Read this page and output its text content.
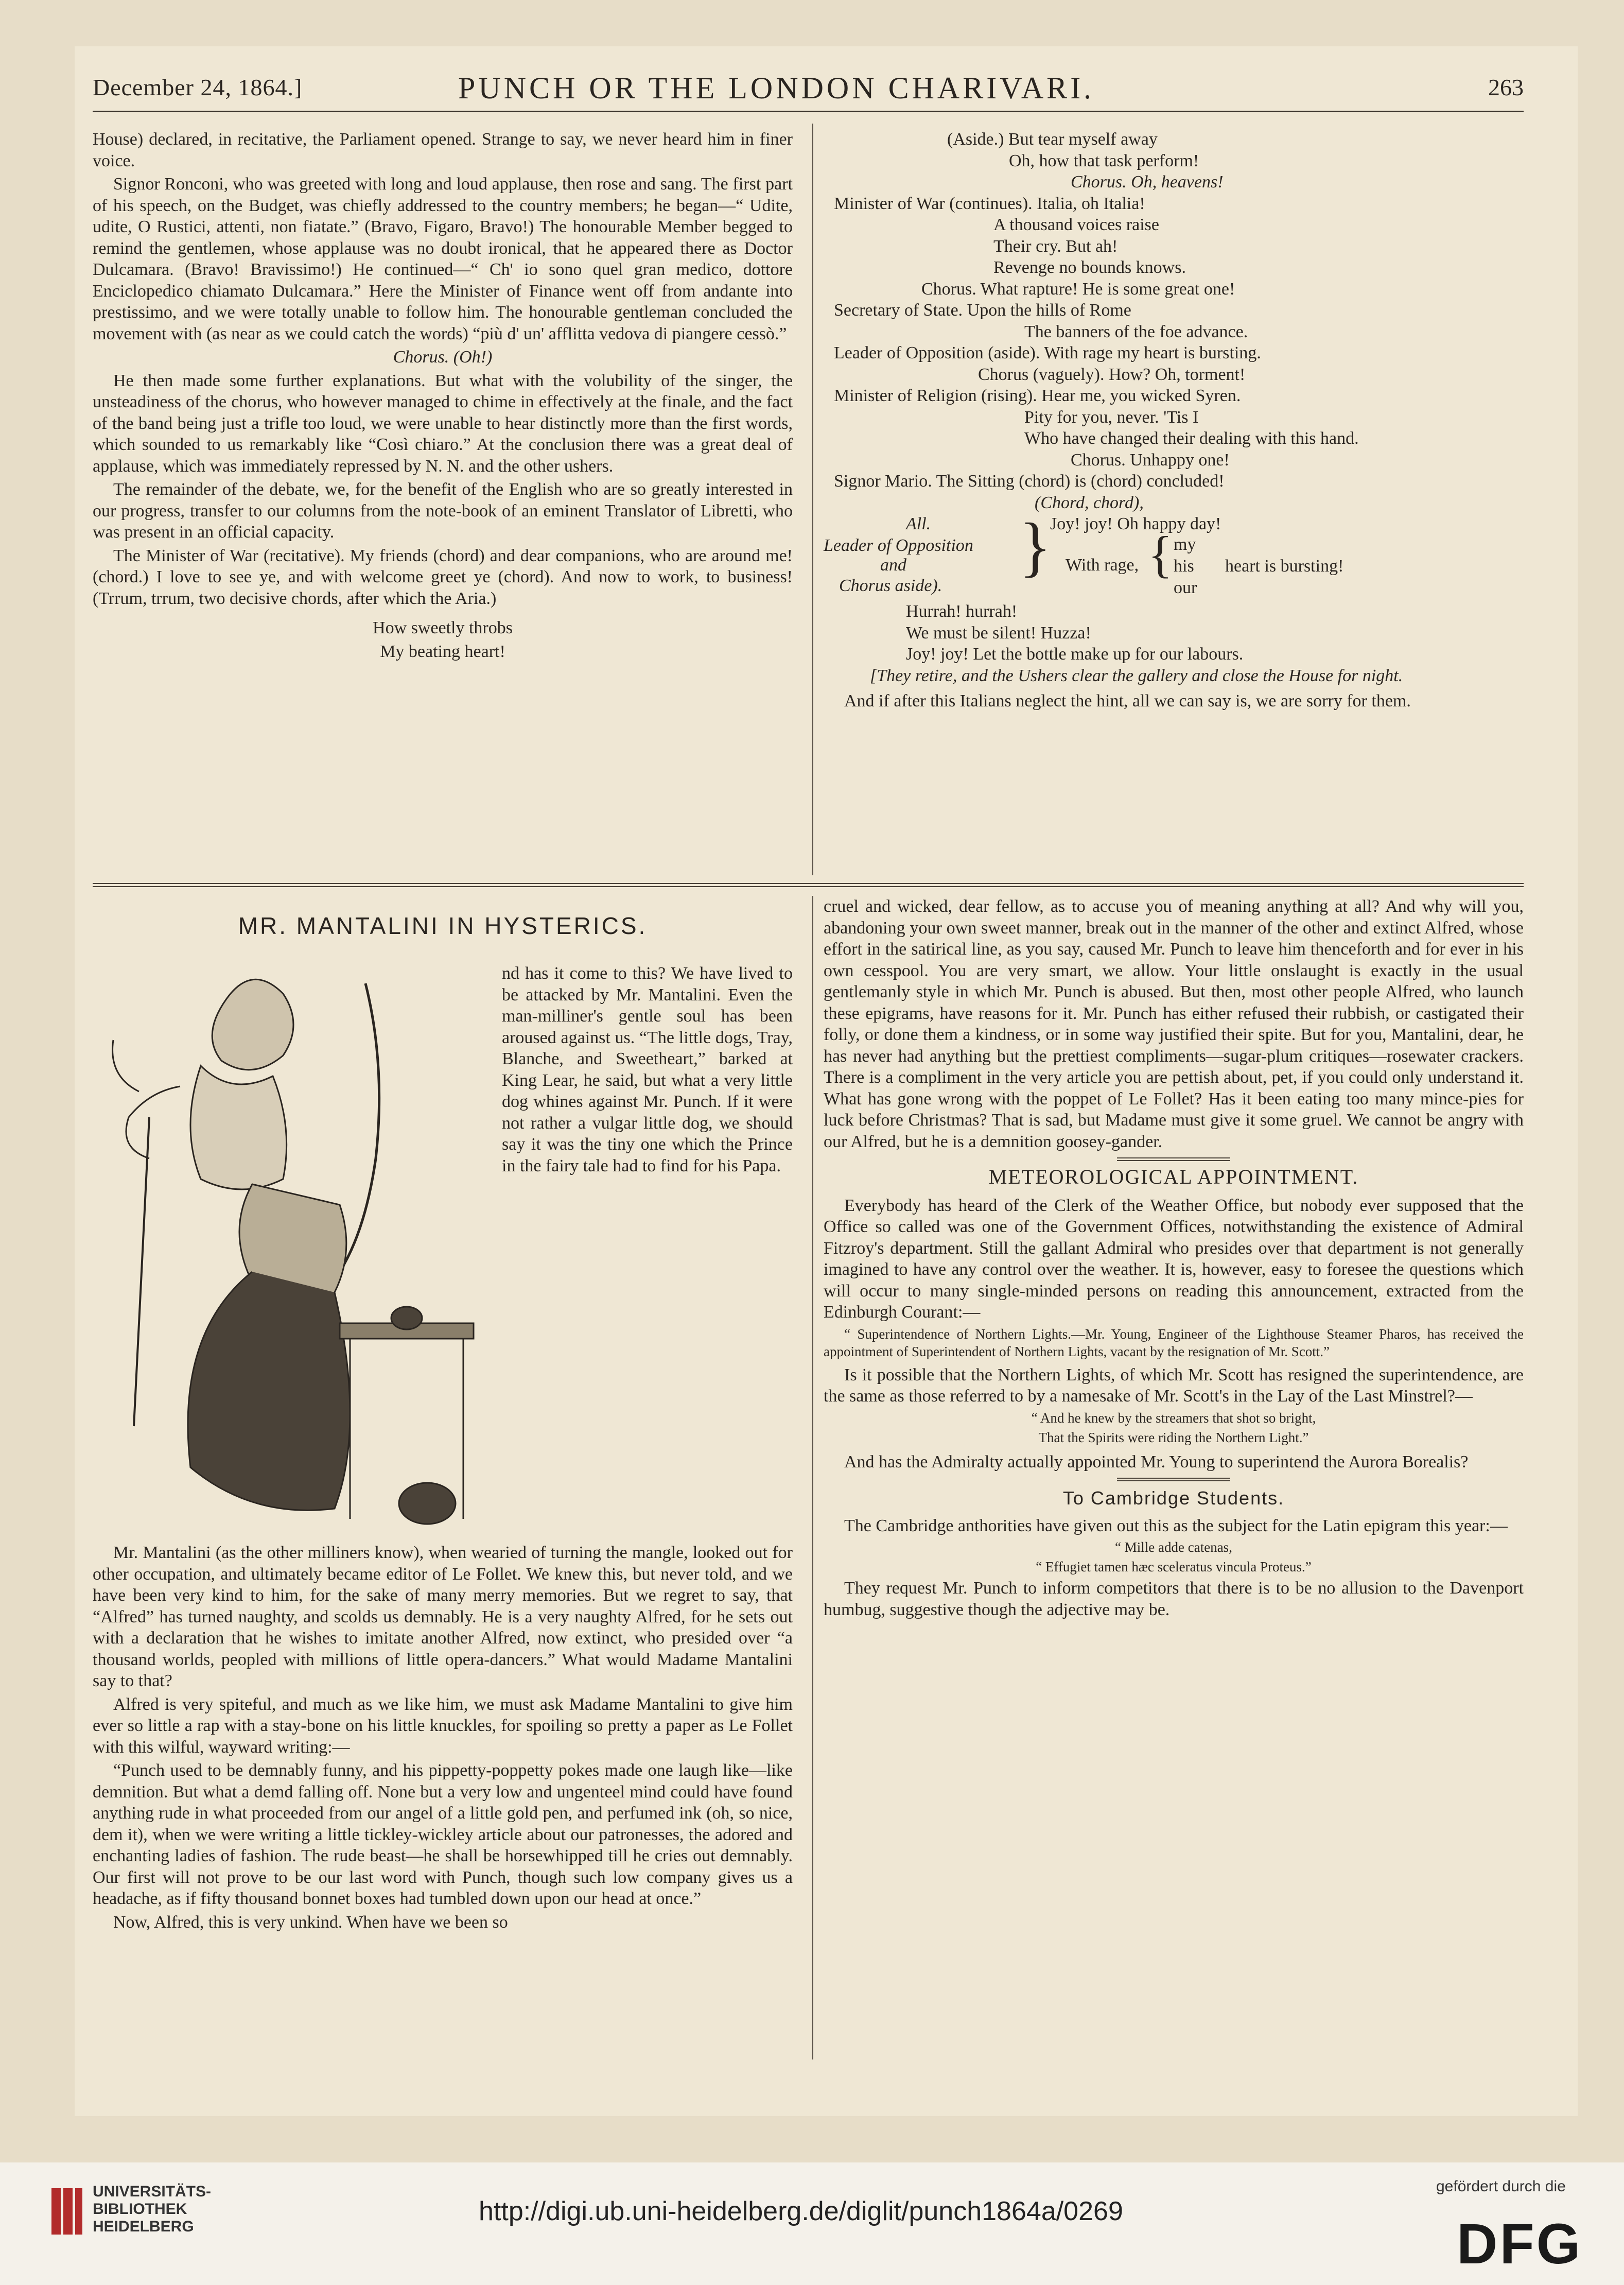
December 24, 1864.]	PUNCH OR THE LONDON CHARIVARI.	263

House) declared, in recitative, the Parliament opened. Strange to say, we never heard him in finer voice.

Signor Ronconi, who was greeted with long and loud applause, then rose and sang. The first part of his speech, on the Budget, was chiefly addressed to the country members; he began—“ Udite, udite, O Rustici, attenti, non fiatate.” (Bravo, Figaro, Bravo!) The honourable Member begged to remind the gentlemen, whose applause was no doubt ironical, that he appeared there as Doctor Dulcamara. (Bravo! Bravissimo!) He continued—“ Ch' io sono quel gran medico, dottore Enciclopedico chiamato Dulcamara.” Here the Minister of Finance went off from andante into prestissimo, and we were totally unable to follow him. The honourable gentleman concluded the movement with (as near as we could catch the words) “più d' un' afflitta vedova di piangere cessò.”

Chorus. (Oh!)

He then made some further explanations. But what with the volubility of the singer, the unsteadiness of the chorus, who however managed to chime in effectively at the finale, and the fact of the band being just a trifle too loud, we were unable to hear distinctly more than the first words, which sounded to us remarkably like “Così chiaro.” At the conclusion there was a great deal of applause, which was immediately repressed by N. N. and the other ushers.

The remainder of the debate, we, for the benefit of the English who are so greatly interested in our progress, transfer to our columns from the note-book of an eminent Translator of Libretti, who was present in an official capacity.

The Minister of War (recitative). My friends (chord) and dear companions, who are around me! (chord.) I love to see ye, and with welcome greet ye (chord). And now to work, to business! (Trrum, trrum, two decisive chords, after which the Aria.)

How sweetly throbs

My beating heart!

(Aside.) But tear myself away
Oh, how that task perform!
Chorus. Oh, heavens!
Minister of War (continues). Italia, oh Italia!
A thousand voices raise
Their cry. But ah!
Revenge no bounds knows.
Chorus. What rapture! He is some great one!
Secretary of State. Upon the hills of Rome
The banners of the foe advance.
Leader of Opposition (aside). With rage my heart is bursting.
Chorus (vaguely). How? Oh, torment!
Minister of Religion (rising). Hear me, you wicked Syren.
Pity for you, never. 'Tis I
Who have changed their dealing with this hand.
Chorus. Unhappy one!
Signor Mario. The Sitting (chord) is (chord) concluded!
(Chord, chord),
All.
Leader of Opposition
and
Chorus aside).
}
Joy! joy! Oh happy day!
With rage, { my
his
our
heart is bursting!
Hurrah! hurrah!
We must be silent! Huzza!
Joy! joy! Let the bottle make up for our labours.
[They retire, and the Ushers clear the gallery and close the House for night.
And if after this Italians neglect the hint, all we can say is, we are sorry for them.
MR. MANTALINI IN HYSTERICS.

nd has it come to this? We have lived to be attacked by Mr. Mantalini. Even the man-milliner's gentle soul has been aroused against us. “The little dogs, Tray, Blanche, and Sweetheart,” barked at King Lear, he said, but what a very little dog whines against Mr. Punch. If it were not rather a vulgar little dog, we should say it was the tiny one which the Prince in the fairy tale had to find for his Papa.

Mr. Mantalini (as the other milliners know), when wearied of turning the mangle, looked out for other occupation, and ultimately became editor of Le Follet. We knew this, but never told, and we have been very kind to him, for the sake of many merry memories. But we regret to say, that “Alfred” has turned naughty, and scolds us demnably. He is a very naughty Alfred, for he sets out with a declaration that he wishes to imitate another Alfred, now extinct, who presided over “a thousand worlds, peopled with millions of little opera-dancers.” What would Madame Mantalini say to that?

Alfred is very spiteful, and much as we like him, we must ask Madame Mantalini to give him ever so little a rap with a stay-bone on his little knuckles, for spoiling so pretty a paper as Le Follet with this wilful, wayward writing:—

“Punch used to be demnably funny, and his pippetty-poppetty pokes made one laugh like—like demnition. But what a demd falling off. None but a very low and ungenteel mind could have found anything rude in what proceeded from our angel of a little gold pen, and perfumed ink (oh, so nice, dem it), when we were writing a little tickley-wickley article about our patronesses, the adored and enchanting ladies of fashion. The rude beast—he shall be horsewhipped till he cries out demnably. Our first will not prove to be our last word with Punch, though such low company gives us a headache, as if fifty thousand bonnet boxes had tumbled down upon our head at once.”

Now, Alfred, this is very unkind. When have we been so

cruel and wicked, dear fellow, as to accuse you of meaning anything at all? And why will you, abandoning your own sweet manner, break out in the manner of the other and extinct Alfred, whose effort in the satirical line, as you say, caused Mr. Punch to leave him thenceforth and for ever in his own cesspool. You are very smart, we allow. Your little onslaught is exactly in the usual gentlemanly style in which Mr. Punch is abused. But then, most other people Alfred, who launch these epigrams, have reasons for it. Mr. Punch has either refused their rubbish, or castigated their folly, or done them a kindness, or in some way justified their spite. But for you, Mantalini, dear, he has never had anything but the prettiest compliments—sugar-plum critiques—rosewater crackers. There is a compliment in the very article you are pettish about, pet, if you could only understand it. What has gone wrong with the poppet of Le Follet? Has it been eating too many mince-pies for luck before Christmas? That is sad, but Madame must give it some gruel. We cannot be angry with our Alfred, but he is a demnition goosey-gander.

METEOROLOGICAL APPOINTMENT.

Everybody has heard of the Clerk of the Weather Office, but nobody ever supposed that the Office so called was one of the Government Offices, notwithstanding the existence of Admiral Fitzroy's department. Still the gallant Admiral who presides over that department is not generally imagined to have any control over the weather. It is, however, easy to foresee the questions which will occur to many single-minded persons on reading this announcement, extracted from the Edinburgh Courant:—

“ Superintendence of Northern Lights.—Mr. Young, Engineer of the Lighthouse Steamer Pharos, has received the appointment of Superintendent of Northern Lights, vacant by the resignation of Mr. Scott.”

Is it possible that the Northern Lights, of which Mr. Scott has resigned the superintendence, are the same as those referred to by a namesake of Mr. Scott's in the Lay of the Last Minstrel?—

“ And he knew by the streamers that shot so bright,

That the Spirits were riding the Northern Light.”

And has the Admiralty actually appointed Mr. Young to superintend the Aurora Borealis?

To Cambridge Students.

The Cambridge anthorities have given out this as the subject for the Latin epigram this year:—

“ Mille adde catenas,

“ Effugiet tamen hæc sceleratus vincula Proteus.”

They request Mr. Punch to inform competitors that there is to be no allusion to the Davenport humbug, suggestive though the adjective may be.

UNIVERSITÄTS-
BIBLIOTHEK
HEIDELBERG
http://digi.ub.uni-heidelberg.de/diglit/punch1864a/0269
gefördert durch die
DFG
